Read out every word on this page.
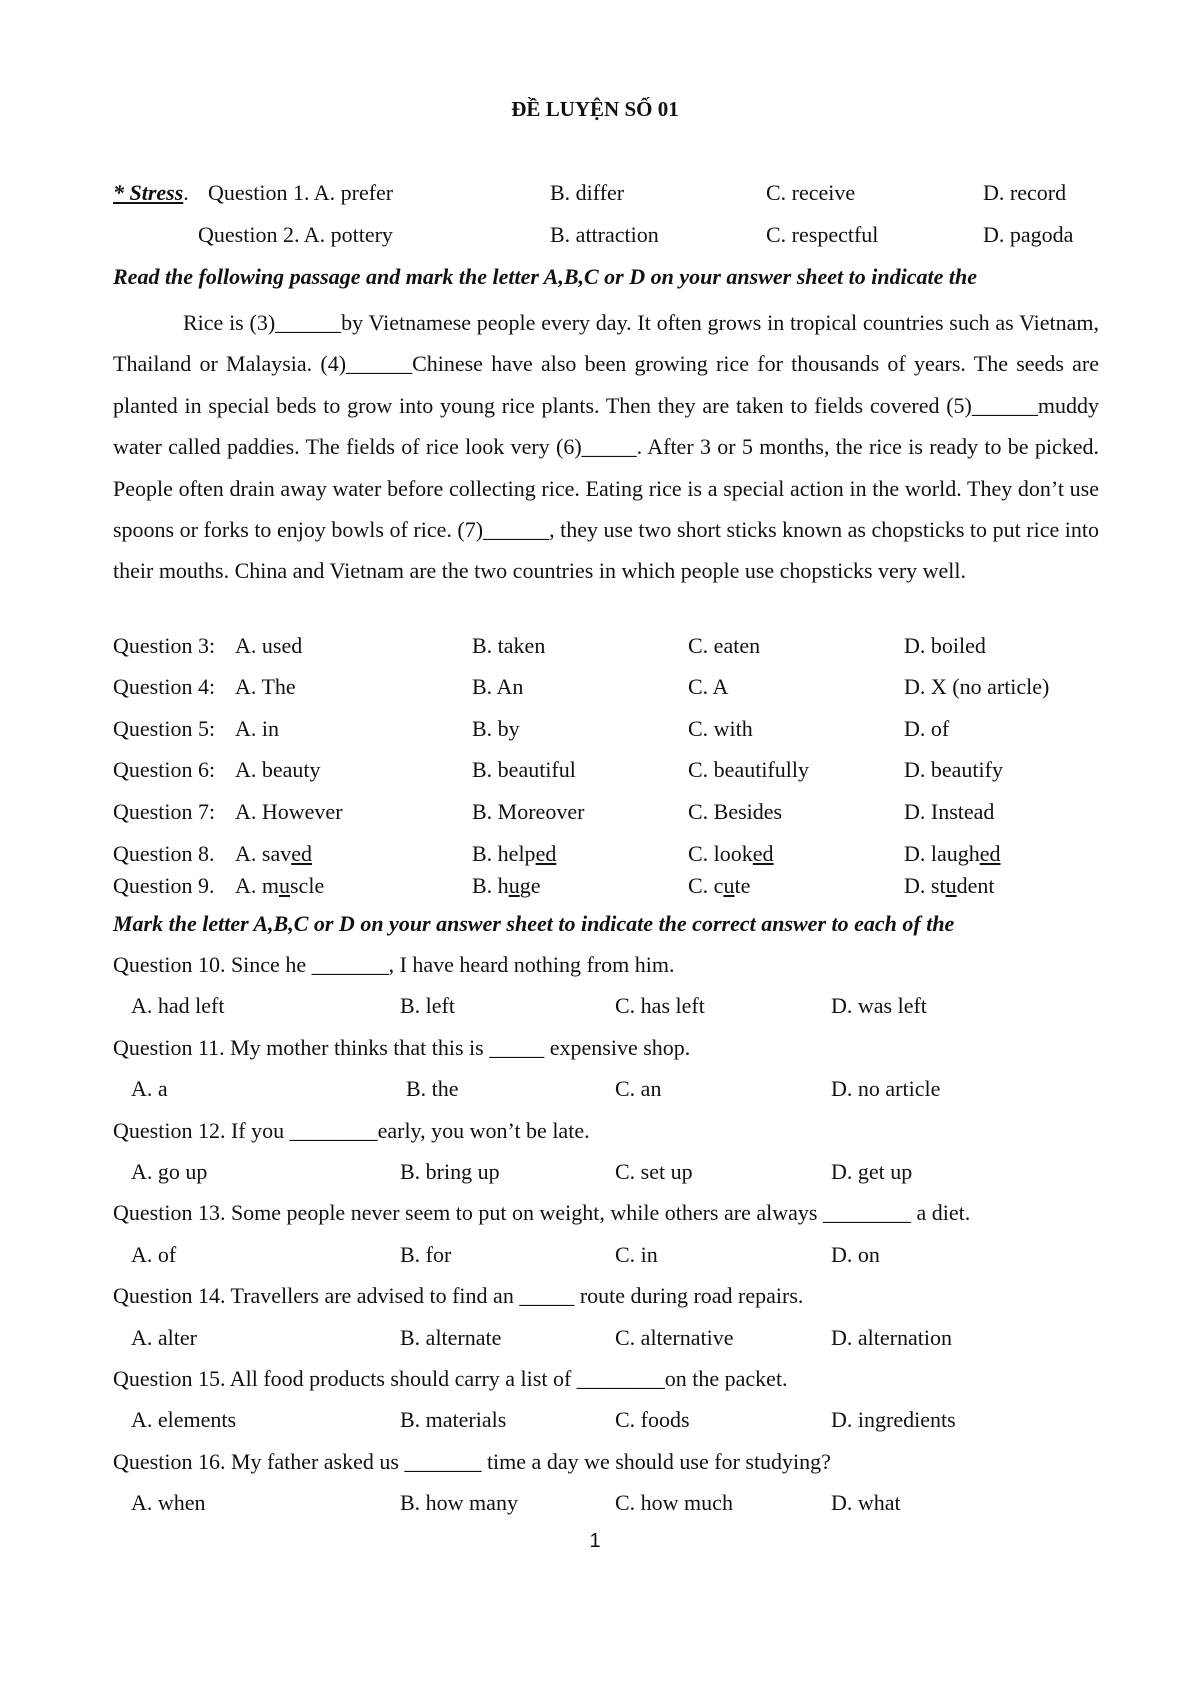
ĐỀ LUYỆN SỐ 01
* Stress. Question 1. A. prefer	B. differ	C. receive	D. record
Question 2. A. pottery	B. attraction	C. respectful	D. pagoda
Read the following passage and mark the letter A,B,C or D on your answer sheet to indicate the

Rice is (3)______by Vietnamese people every day. It often grows in tropical countries such as Vietnam, Thailand or Malaysia. (4)______Chinese have also been growing rice for thousands of years. The seeds are planted in special beds to grow into young rice plants. Then they are taken to fields covered (5)______muddy water called paddies. The fields of rice look very (6)_____. After 3 or 5 months, the rice is ready to be picked. People often drain away water before collecting rice. Eating rice is a special action in the world. They don’t use spoons or forks to enjoy bowls of rice. (7)______, they use two short sticks known as chopsticks to put rice into their mouths. China and Vietnam are the two countries in which people use chopsticks very well.

Question 3: A. used	B. taken	C. eaten	D. boiled
Question 4: A. The	B. An	C. A	D. X (no article)
Question 5: A. in	B. by	C. with	D. of
Question 6: A. beauty	B. beautiful	C. beautifully	D. beautify
Question 7: A. However	B. Moreover	C. Besides	D. Instead
Question 8. A. saved	B. helped	C. looked	D. laughed
Question 9. A. muscle	B. huge	C. cute	D. student
Mark the letter A,B,C or D on your answer sheet to indicate the correct answer to each of the
Question 10. Since he _______, I have heard nothing from him.
A. had left	B. left	C. has left	D. was left
Question 11. My mother thinks that this is _____ expensive shop.
A. a	B. the	C. an	D. no article
Question 12. If you ________early, you won’t be late.
A. go up	B. bring up	C. set up	D. get up
Question 13. Some people never seem to put on weight, while others are always ________ a diet.
A. of	B. for	C. in	D. on
Question 14. Travellers are advised to find an _____ route during road repairs.
A. alter	B. alternate	C. alternative	D. alternation
Question 15. All food products should carry a list of ________on the packet.
A. elements	B. materials	C. foods	D. ingredients
Question 16. My father asked us _______ time a day we should use for studying?
A. when	B. how many	C. how much	D. what
1
